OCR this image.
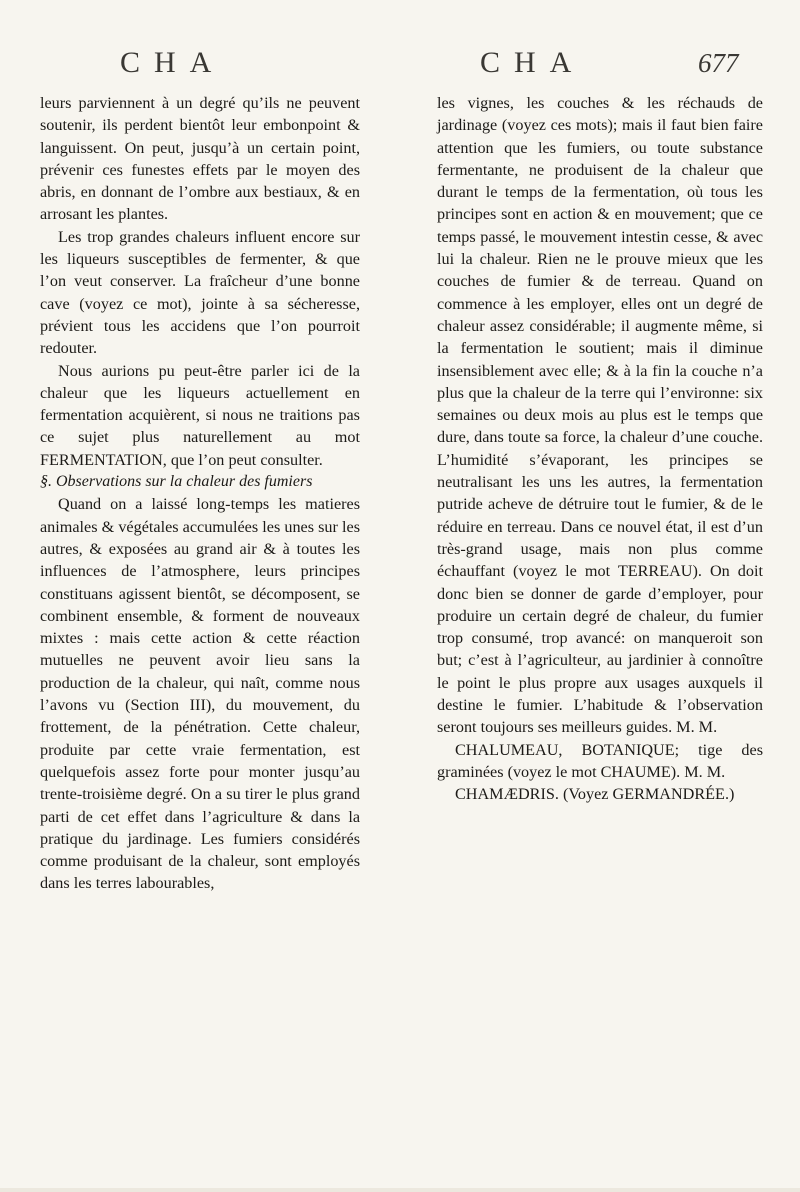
CHA	CHA	677

leurs parviennent à un degré qu’ils ne peuvent soutenir, ils perdent bientôt leur embonpoint & languissent. On peut, jusqu’à un certain point, prévenir ces funestes effets par le moyen des abris, en donnant de l’ombre aux bestiaux, & en arrosant les plantes.

Les trop grandes chaleurs influent encore sur les liqueurs susceptibles de fermenter, & que l’on veut conserver. La fraîcheur d’une bonne cave (voyez ce mot), jointe à sa sécheresse, prévient tous les accidens que l’on pourroit redouter.

Nous aurions pu peut-être parler ici de la chaleur que les liqueurs actuellement en fermentation acquièrent, si nous ne traitions pas ce sujet plus naturellement au mot FERMENTATION, que l’on peut consulter.

§. Observations sur la chaleur des fumiers

Quand on a laissé long-temps les matieres animales & végétales accumulées les unes sur les autres, & exposées au grand air & à toutes les influences de l’atmosphere, leurs principes constituans agissent bientôt, se décomposent, se combinent ensemble, & forment de nouveaux mixtes : mais cette action & cette réaction mutuelles ne peuvent avoir lieu sans la production de la chaleur, qui naît, comme nous l’avons vu (Section III), du mouvement, du frottement, de la pénétration. Cette chaleur, produite par cette vraie fermentation, est quelquefois assez forte pour monter jusqu’au trente-troisième degré. On a su tirer le plus grand parti de cet effet dans l’agriculture & dans la pratique du jardinage. Les fumiers considérés comme produisant de la chaleur, sont employés dans les terres labourables,

les vignes, les couches & les réchauds de jardinage (voyez ces mots); mais il faut bien faire attention que les fumiers, ou toute substance fermentante, ne produisent de la chaleur que durant le temps de la fermentation, où tous les principes sont en action & en mouvement; que ce temps passé, le mouvement intestin cesse, & avec lui la chaleur. Rien ne le prouve mieux que les couches de fumier & de terreau. Quand on commence à les employer, elles ont un degré de chaleur assez considérable; il augmente même, si la fermentation le soutient; mais il diminue insensiblement avec elle; & à la fin la couche n’a plus que la chaleur de la terre qui l’environne: six semaines ou deux mois au plus est le temps que dure, dans toute sa force, la chaleur d’une couche. L’humidité s’évaporant, les principes se neutralisant les uns les autres, la fermentation putride acheve de détruire tout le fumier, & de le réduire en terreau. Dans ce nouvel état, il est d’un très-grand usage, mais non plus comme échauffant (voyez le mot TERREAU). On doit donc bien se donner de garde d’employer, pour produire un certain degré de chaleur, du fumier trop consumé, trop avancé: on manqueroit son but; c’est à l’agriculteur, au jardinier à connoître le point le plus propre aux usages auxquels il destine le fumier. L’habitude & l’observation seront toujours ses meilleurs guides. M. M.

CHALUMEAU, BOTANIQUE; tige des graminées (voyez le mot CHAUME). M. M.

CHAMÆDRIS. (Voyez GERMANDRÉE.)
